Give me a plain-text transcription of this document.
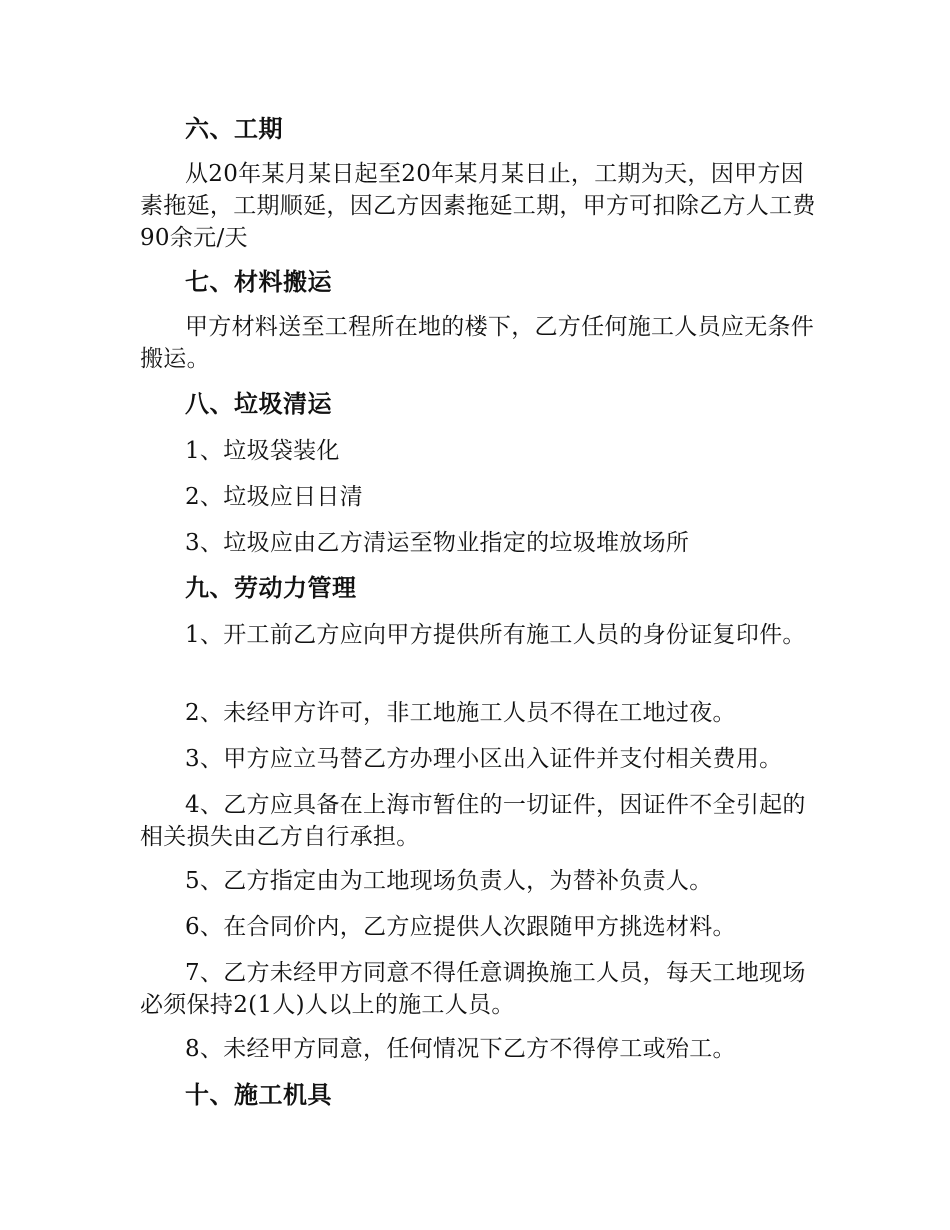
六、工期
从20年某月某日起至20年某月某日止，工期为天，因甲方因素拖延，工期顺延，因乙方因素拖延工期，甲方可扣除乙方人工费90余元/天
七、材料搬运
甲方材料送至工程所在地的楼下，乙方任何施工人员应无条件搬运。
八、垃圾清运
1、垃圾袋装化
2、垃圾应日日清
3、垃圾应由乙方清运至物业指定的垃圾堆放场所
九、劳动力管理
1、开工前乙方应向甲方提供所有施工人员的身份证复印件。
2、未经甲方许可，非工地施工人员不得在工地过夜。
3、甲方应立马替乙方办理小区出入证件并支付相关费用。
4、乙方应具备在上海市暂住的一切证件，因证件不全引起的相关损失由乙方自行承担。
5、乙方指定由为工地现场负责人，为替补负责人。
6、在合同价内，乙方应提供人次跟随甲方挑选材料。
7、乙方未经甲方同意不得任意调换施工人员，每天工地现场必须保持2(1人)人以上的施工人员。
8、未经甲方同意，任何情况下乙方不得停工或殆工。
十、施工机具
